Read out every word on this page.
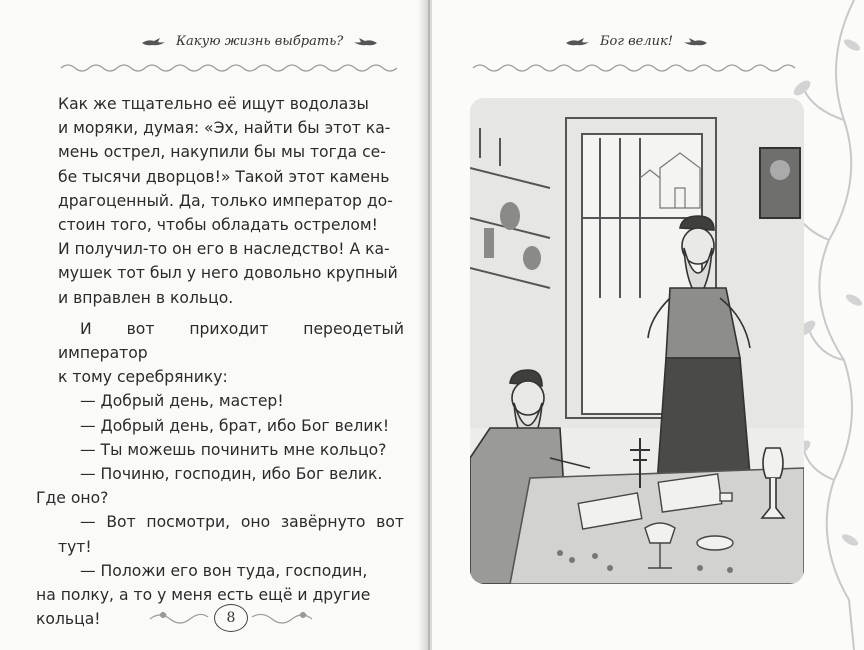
Какую жизнь выбрать?

Как же тщательно её ищут водолазы
и моряки, думая: «Эх, найти бы этот ка-
мень острел, накупили бы мы тогда се-
бе тысячи дворцов!» Такой этот камень
драгоценный. Да, только император до-
стоин того, чтобы обладать острелом!
И получил-то он его в наследство! А ка-
мушек тот был у него довольно крупный
и вправлен в кольцо.

И вот приходит переодетый император
к тому серебрянику:

— Добрый день, мастер!

— Добрый день, брат, ибо Бог велик!

— Ты можешь починить мне кольцо?

— Починю, господин, ибо Бог велик.
Где оно?

— Вот посмотри, оно завёрнуто вот тут!

— Положи его вон туда, господин,
на полку, а то у меня есть ещё и другие
кольца!	8
Бог велик!
